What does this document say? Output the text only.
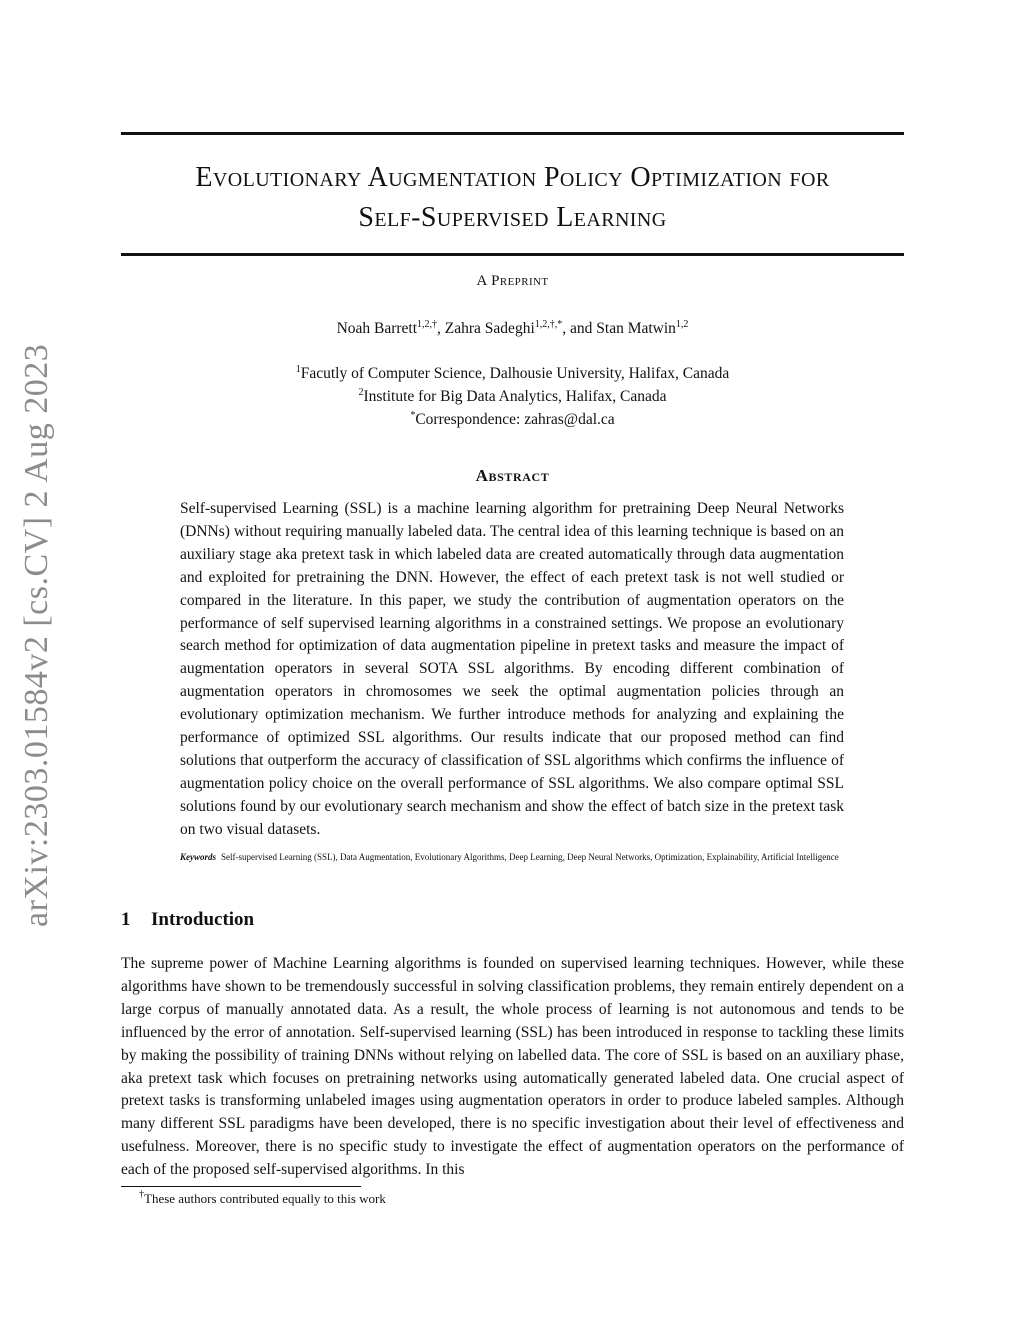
arXiv:2303.01584v2 [cs.CV] 2 Aug 2023
Evolutionary Augmentation Policy Optimization for
Self-Supervised Learning
A Preprint
Noah Barrett$^{1,2,\dagger}$, Zahra Sadeghi$^{1,2,\dagger,*}$, and Stan Matwin$^{1,2}$
$^1$Facutly of Computer Science, Dalhousie University, Halifax, Canada
$^2$Institute for Big Data Analytics, Halifax, Canada
*Correspondence: zahras@dal.ca
Abstract
Self-supervised Learning (SSL) is a machine learning algorithm for pretraining Deep Neural Networks (DNNs) without requiring manually labeled data. The central idea of this learning technique is based on an auxiliary stage aka pretext task in which labeled data are created automatically through data augmentation and exploited for pretraining the DNN. However, the effect of each pretext task is not well studied or compared in the literature. In this paper, we study the contribution of augmentation operators on the performance of self supervised learning algorithms in a constrained settings. We propose an evolutionary search method for optimization of data augmentation pipeline in pretext tasks and measure the impact of augmentation operators in several SOTA SSL algorithms. By encoding different combination of augmentation operators in chromosomes we seek the optimal augmentation policies through an evolutionary optimization mechanism. We further introduce methods for analyzing and explaining the performance of optimized SSL algorithms. Our results indicate that our proposed method can find solutions that outperform the accuracy of classification of SSL algorithms which confirms the influence of augmentation policy choice on the overall performance of SSL algorithms. We also compare optimal SSL solutions found by our evolutionary search mechanism and show the effect of batch size in the pretext task on two visual datasets.
Keywords Self-supervised Learning (SSL), Data Augmentation, Evolutionary Algorithms, Deep Learning, Deep Neural Networks, Optimization, Explainability, Artificial Intelligence
1 Introduction
The supreme power of Machine Learning algorithms is founded on supervised learning techniques. However, while these algorithms have shown to be tremendously successful in solving classification problems, they remain entirely dependent on a large corpus of manually annotated data. As a result, the whole process of learning is not autonomous and tends to be influenced by the error of annotation. Self-supervised learning (SSL) has been introduced in response to tackling these limits by making the possibility of training DNNs without relying on labelled data. The core of SSL is based on an auxiliary phase, aka pretext task which focuses on pretraining networks using automatically generated labeled data. One crucial aspect of pretext tasks is transforming unlabeled images using augmentation operators in order to produce labeled samples. Although many different SSL paradigms have been developed, there is no specific investigation about their level of effectiveness and usefulness. Moreover, there is no specific study to investigate the effect of augmentation operators on the performance of each of the proposed self-supervised algorithms. In this
†These authors contributed equally to this work
